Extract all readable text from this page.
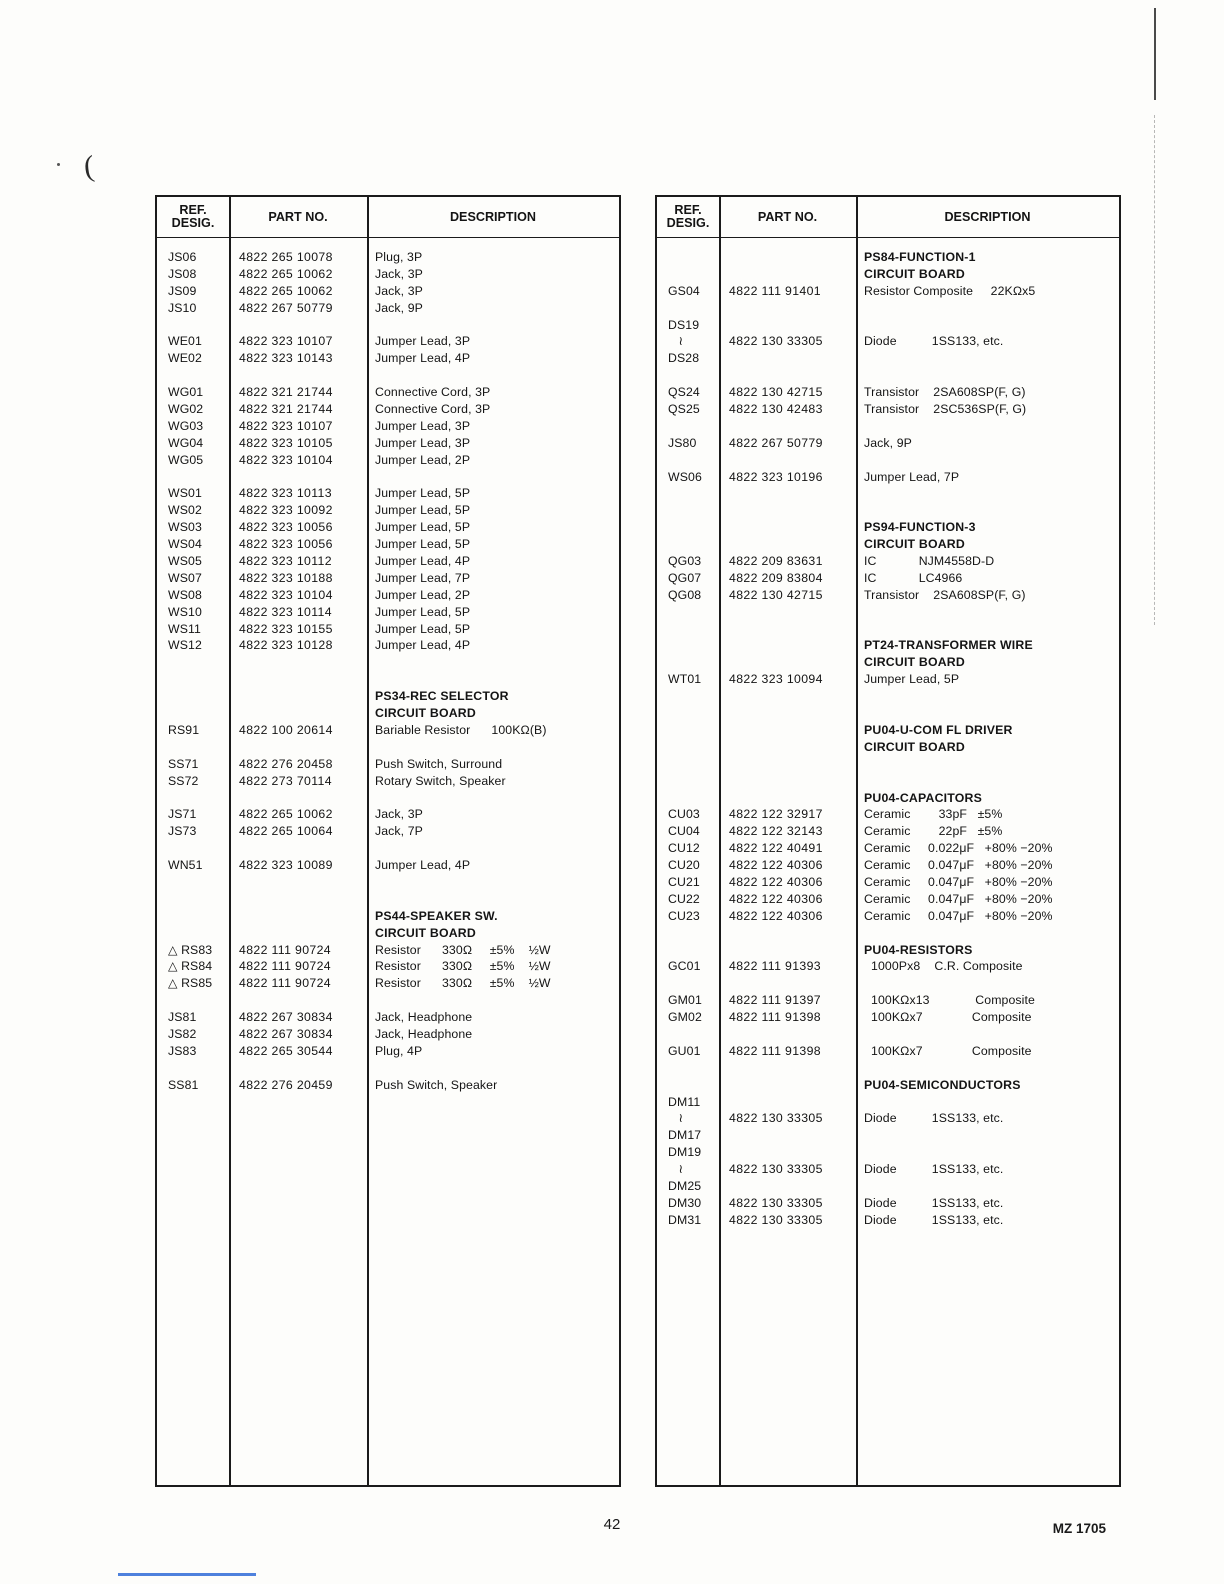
(
REF.
DESIG.	PART NO.	DESCRIPTION
JS06	4822 265 10078	Plug, 3P
JS08	4822 265 10062	Jack, 3P
JS09	4822 265 10062	Jack, 3P
JS10	4822 267 50779	Jack, 9P
WE01	4822 323 10107	Jumper Lead, 3P
WE02	4822 323 10143	Jumper Lead, 4P
WG01	4822 321 21744	Connective Cord, 3P
WG02	4822 321 21744	Connective Cord, 3P
WG03	4822 323 10107	Jumper Lead, 3P
WG04	4822 323 10105	Jumper Lead, 3P
WG05	4822 323 10104	Jumper Lead, 2P
WS01	4822 323 10113	Jumper Lead, 5P
WS02	4822 323 10092	Jumper Lead, 5P
WS03	4822 323 10056	Jumper Lead, 5P
WS04	4822 323 10056	Jumper Lead, 5P
WS05	4822 323 10112	Jumper Lead, 4P
WS07	4822 323 10188	Jumper Lead, 7P
WS08	4822 323 10104	Jumper Lead, 2P
WS10	4822 323 10114	Jumper Lead, 5P
WS11	4822 323 10155	Jumper Lead, 5P
WS12	4822 323 10128	Jumper Lead, 4P
PS34-REC SELECTOR
CIRCUIT BOARD
RS91	4822 100 20614	Bariable Resistor      100KΩ(B)
SS71	4822 276 20458	Push Switch, Surround
SS72	4822 273 70114	Rotary Switch, Speaker
JS71	4822 265 10062	Jack, 3P
JS73	4822 265 10064	Jack, 7P
WN51	4822 323 10089	Jumper Lead, 4P
PS44-SPEAKER SW.
CIRCUIT BOARD
△ RS83	4822 111 90724	Resistor      330Ω     ±5%    ½W
△ RS84	4822 111 90724	Resistor      330Ω     ±5%    ½W
△ RS85	4822 111 90724	Resistor      330Ω     ±5%    ½W
JS81	4822 267 30834	Jack, Headphone
JS82	4822 267 30834	Jack, Headphone
JS83	4822 265 30544	Plug, 4P
SS81	4822 276 20459	Push Switch, Speaker
REF.
DESIG.	PART NO.	DESCRIPTION
PS84-FUNCTION-1
CIRCUIT BOARD
GS04	4822 111 91401	Resistor Composite     22KΩx5
DS19
≀	4822 130 33305	Diode          1SS133, etc.
DS28
QS24	4822 130 42715	Transistor    2SA608SP(F, G)
QS25	4822 130 42483	Transistor    2SC536SP(F, G)
JS80	4822 267 50779	Jack, 9P
WS06	4822 323 10196	Jumper Lead, 7P
PS94-FUNCTION-3
CIRCUIT BOARD
QG03	4822 209 83631	IC            NJM4558D-D
QG07	4822 209 83804	IC            LC4966
QG08	4822 130 42715	Transistor    2SA608SP(F, G)
PT24-TRANSFORMER WIRE
CIRCUIT BOARD
WT01	4822 323 10094	Jumper Lead, 5P
PU04-U-COM FL DRIVER
CIRCUIT BOARD
PU04-CAPACITORS
CU03	4822 122 32917	Ceramic        33pF   ±5%
CU04	4822 122 32143	Ceramic        22pF   ±5%
CU12	4822 122 40491	Ceramic     0.022μF   +80% −20%
CU20	4822 122 40306	Ceramic     0.047μF   +80% −20%
CU21	4822 122 40306	Ceramic     0.047μF   +80% −20%
CU22	4822 122 40306	Ceramic     0.047μF   +80% −20%
CU23	4822 122 40306	Ceramic     0.047μF   +80% −20%
PU04-RESISTORS
GC01	4822 111 91393	1000Px8    C.R. Composite
GM01	4822 111 91397	100KΩx13             Composite
GM02	4822 111 91398	100KΩx7              Composite
GU01	4822 111 91398	100KΩx7              Composite
PU04-SEMICONDUCTORS
DM11
≀	4822 130 33305	Diode          1SS133, etc.
DM17
DM19
≀	4822 130 33305	Diode          1SS133, etc.
DM25
DM30	4822 130 33305	Diode          1SS133, etc.
DM31	4822 130 33305	Diode          1SS133, etc.
42	MZ 1705
